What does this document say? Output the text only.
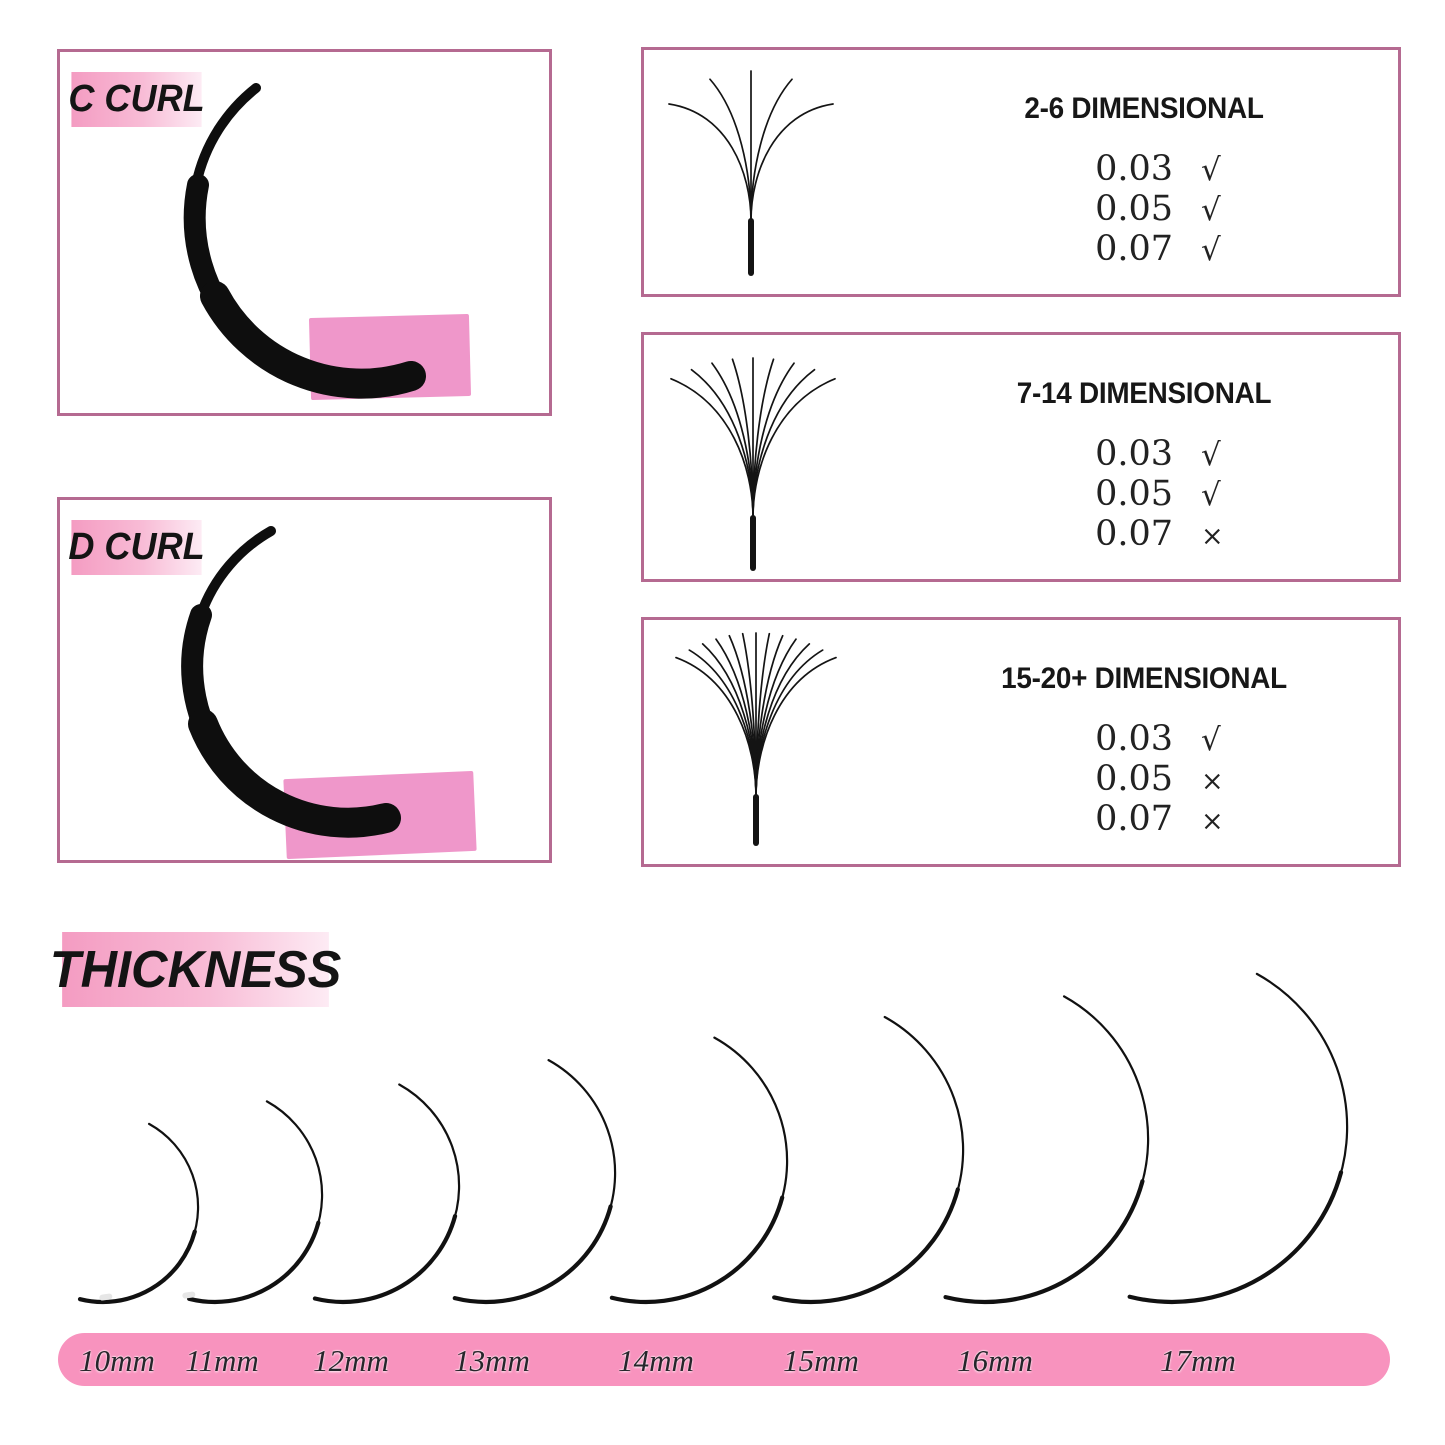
C CURL
D CURL
2-6 DIMENSIONAL
0.03 √
0.05 √
0.07 √
7-14 DIMENSIONAL
0.03 √
0.05 √
0.07 ×
15-20+ DIMENSIONAL
0.03 √
0.05 ×
0.07 ×
THICKNESS
10mm 11mm 12mm 13mm	14mm	15mm	16mm	17mm
